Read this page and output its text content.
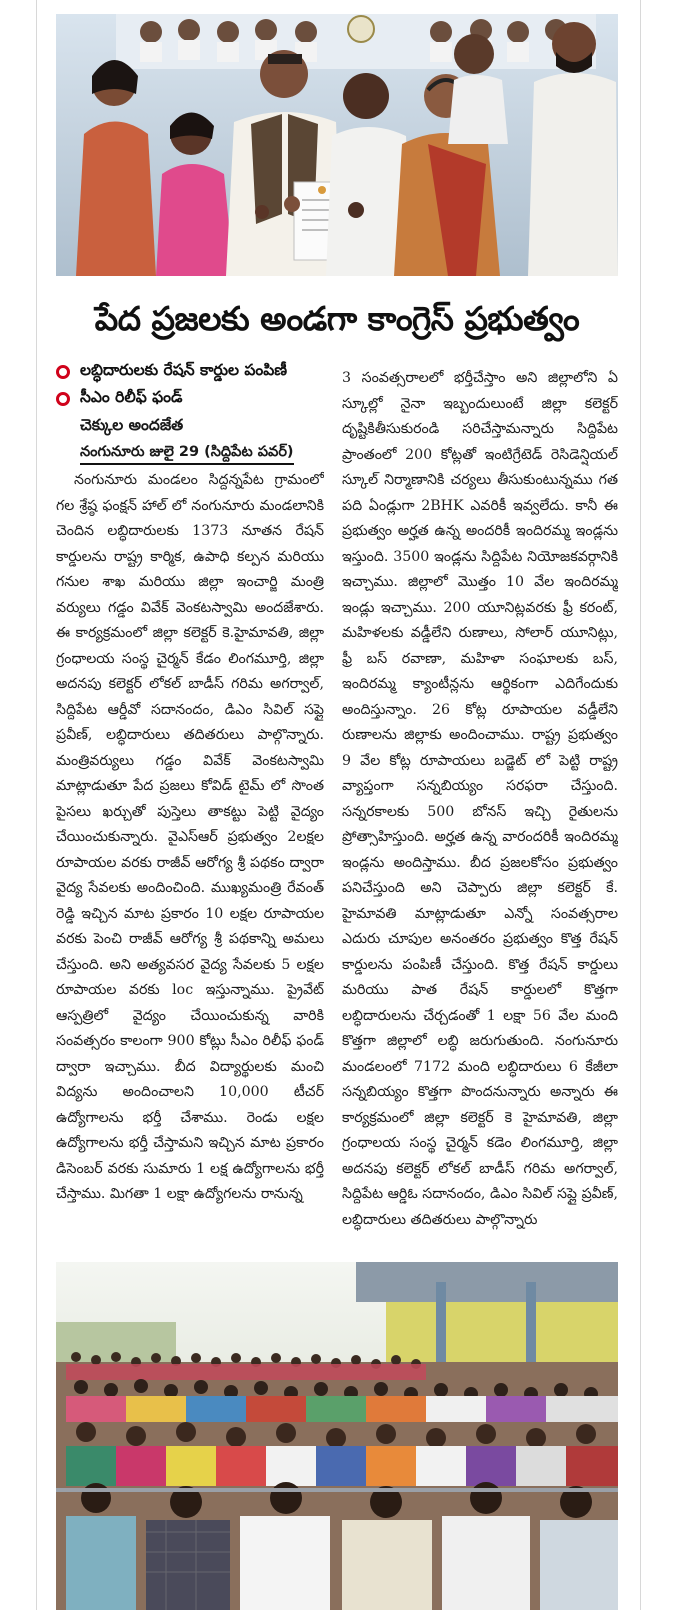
పేద ప్రజలకు అండగా కాంగ్రెస్ ప్రభుత్వం
లబ్ధిదారులకు రేషన్ కార్డుల పంపిణీ
సీఎం రిలీఫ్ ఫండ్
చెక్కుల అందజేత
నంగునూరు జులై 29 (సిద్దిపేట పవర్)

నంగునూరు మండలం సిద్దన్నపేట గ్రామంలో గల శ్రేష్ఠ ఫంక్షన్ హాల్ లో నంగునూరు మండలానికి చెందిన లబ్ధిదారులకు 1373 నూతన రేషన్ కార్డులను రాష్ట్ర కార్మిక, ఉపాధి కల్పన మరియు గనుల శాఖ మరియు జిల్లా ఇంచార్జి మంత్రి వర్యులు గడ్డం వివేక్ వెంకటస్వామి అందజేశారు. ఈ కార్యక్రమంలో జిల్లా కలెక్టర్ కె.హైమావతి, జిల్లా గ్రంధాలయ సంస్థ చైర్మన్ కేడం లింగమూర్తి, జిల్లా అదనపు కలెక్టర్ లోకల్ బాడీస్ గరిమ అగర్వాల్, సిద్దిపేట ఆర్డీవో సదానందం, డిఎం సివిల్ సప్లై ప్రవీణ్, లబ్ధిదారులు తదితరులు పాల్గొన్నారు. మంత్రివర్యులు గడ్డం వివేక్ వెంకటస్వామి మాట్లాడుతూ పేద ప్రజలు కోవిడ్ టైమ్ లో సొంత పైసలు ఖర్చుతో పుస్తెలు తాకట్టు పెట్టి వైద్యం చేయించుకున్నారు. వైఎస్ఆర్ ప్రభుత్వం 2లక్షల రూపాయల వరకు రాజీవ్ ఆరోగ్య శ్రీ పథకం ద్వారా వైద్య సేవలకు అందించింది. ముఖ్యమంత్రి రేవంత్ రెడ్డి ఇచ్చిన మాట ప్రకారం 10 లక్షల రూపాయల వరకు పెంచి రాజీవ్ ఆరోగ్య శ్రీ పథకాన్ని అమలు చేస్తుంది. అని అత్యవసర వైద్య సేవలకు 5 లక్షల రూపాయల వరకు loc ఇస్తున్నాము. ప్రైవేట్ ఆస్పత్రిలో వైద్యం చేయించుకున్న వారికి సంవత్సరం కాలంగా 900 కోట్లు సీఎం రిలీఫ్ ఫండ్ ద్వారా ఇచ్చాము. బీద విద్యార్థులకు మంచి విద్యను అందించాలని 10,000 టీచర్ ఉద్యోగాలను భర్తీ చేశాము. రెండు లక్షల ఉద్యోగాలను భర్తీ చేస్తామని ఇచ్చిన మాట ప్రకారం డిసెంబర్ వరకు సుమారు 1 లక్ష ఉద్యోగాలను భర్తీ చేస్తాము. మిగతా 1 లక్షా ఉద్యోగలను రానున్న

3 సంవత్సరాలలో భర్తీచేస్తాం అని జిల్లాలోని ఏ స్కూల్లో నైనా ఇబ్బందులుంటే జిల్లా కలెక్టర్ దృష్టికితీసుకురండి సరిచేస్తామన్నారు సిద్దిపేట ప్రాంతంలో 200 కోట్లతో ఇంటిగ్రేటెడ్ రెసిడెన్షియల్ స్కూల్ నిర్మాణానికి చర్యలు తీసుకుంటున్నము గత పది ఏండ్లుగా 2BHK ఎవరికీ ఇవ్వలేదు. కానీ ఈ ప్రభుత్వం అర్హత ఉన్న అందరికీ ఇందిరమ్మ ఇండ్లను ఇస్తుంది. 3500 ఇండ్లను సిద్దిపేట నియోజకవర్గానికి ఇచ్చాము. జిల్లాలో మొత్తం 10 వేల ఇందిరమ్మ ఇండ్లు ఇచ్చాము. 200 యూనిట్లవరకు ఫ్రీ కరంట్, మహిళలకు వడ్డీలేని రుణాలు, సోలార్ యూనిట్లు, ఫ్రీ బస్ రవాణా, మహిళా సంఘాలకు బస్, ఇందిరమ్మ క్యాంటీన్లను ఆర్థికంగా ఎదిగేందుకు అందిస్తున్నాం. 26 కోట్ల రూపాయల వడ్డీలేని రుణాలను జిల్లాకు అందించాము. రాష్ట్ర ప్రభుత్వం 9 వేల కోట్ల రూపాయలు బడ్జెట్ లో పెట్టి రాష్ట్ర వ్యాప్తంగా సన్నబియ్యం సరఫరా చేస్తుంది. సన్నరకాలకు 500 బోనస్ ఇచ్చి రైతులను ప్రోత్సాహిస్తుంది. అర్హత ఉన్న వారందరికీ ఇందిరమ్మ ఇండ్లను అందిస్తాము. బీద ప్రజలకోసం ప్రభుత్వం పనిచేస్తుంది అని చెప్పారు జిల్లా కలెక్టర్ కే. హైమావతి మాట్లాడుతూ ఎన్నో సంవత్సరాల ఎదురు చూపుల అనంతరం ప్రభుత్వం కొత్త రేషన్ కార్డులను పంపిణీ చేస్తుంది. కొత్త రేషన్ కార్డులు మరియు పాత రేషన్ కార్డులలో కొత్తగా లబ్ధిదారులను చేర్చడంతో 1 లక్షా 56 వేల మంది కొత్తగా జిల్లాలో లబ్ధి జరుగుతుంది. నంగునూరు మండలంలో 7172 మంది లబ్ధిదారులు 6 కేజీలా సన్నబియ్యం కొత్తగా పొందనున్నారు అన్నారు ఈ కార్యక్రమంలో జిల్లా కలెక్టర్ కె హైమావతి, జిల్లా గ్రంధాలయ సంస్థ చైర్మన్ కడెం లింగమూర్తి, జిల్లా అదనపు కలెక్టర్ లోకల్ బాడీస్ గరిమ అగర్వాల్, సిద్దిపేట ఆర్డిఓ సదానందం, డిఎం సివిల్ సప్లై ప్రవీణ్, లబ్ధిదారులు తదితరులు పాల్గొన్నారు
